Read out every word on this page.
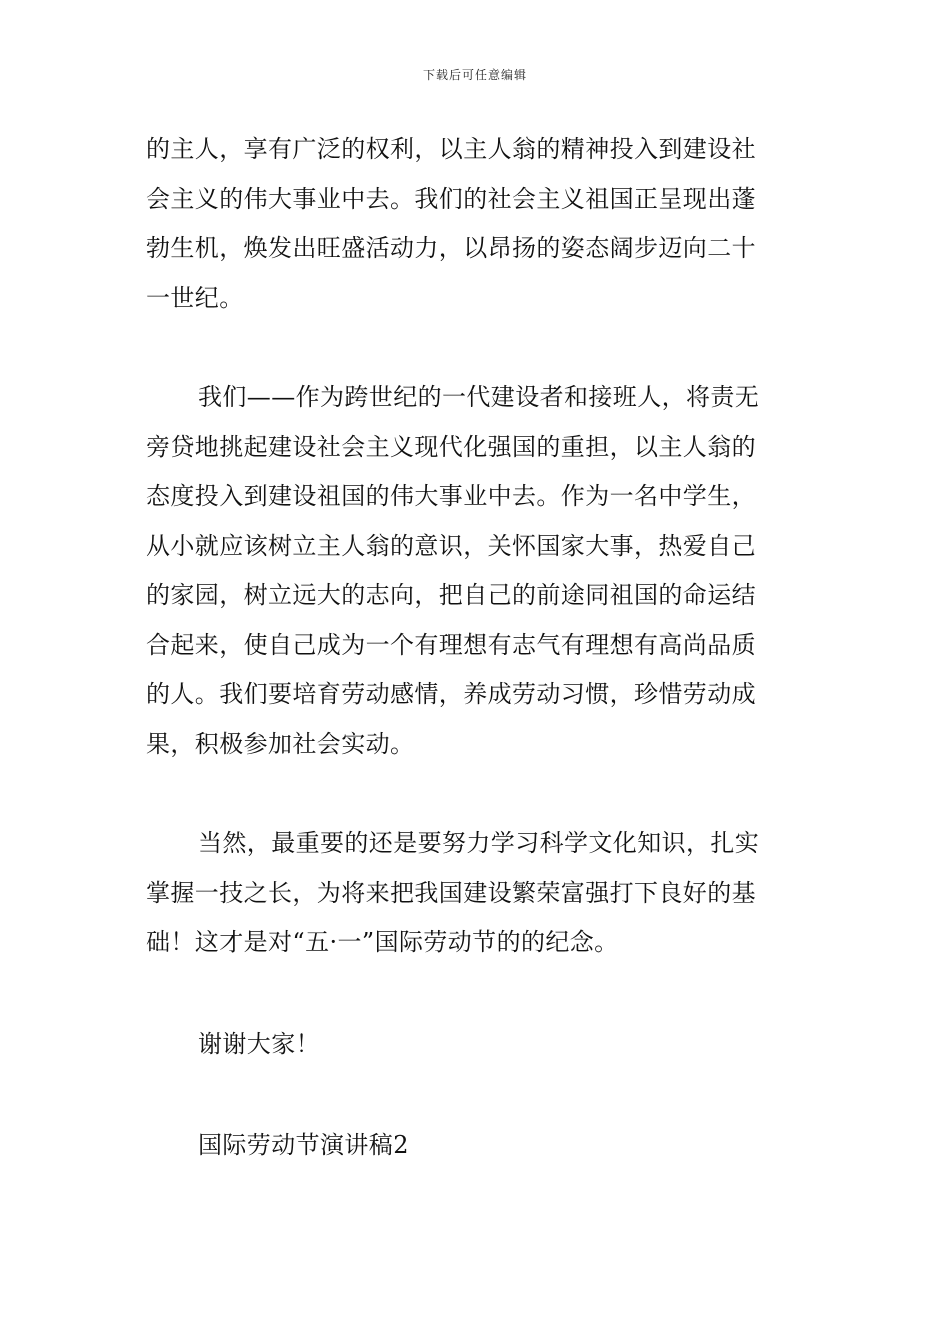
下载后可任意编辑

的主人，享有广泛的权利，以主人翁的精神投入到建设社
会主义的伟大事业中去。我们的社会主义祖国正呈现出蓬
勃生机，焕发出旺盛活动力，以昂扬的姿态阔步迈向二十
一世纪。

我们——作为跨世纪的一代建设者和接班人，将责无
旁贷地挑起建设社会主义现代化强国的重担，以主人翁的
态度投入到建设祖国的伟大事业中去。作为一名中学生，
从小就应该树立主人翁的意识，关怀国家大事，热爱自己
的家园，树立远大的志向，把自己的前途同祖国的命运结
合起来，使自己成为一个有理想有志气有理想有高尚品质
的人。我们要培育劳动感情，养成劳动习惯，珍惜劳动成
果，积极参加社会实动。

当然，最重要的还是要努力学习科学文化知识，扎实
掌握一技之长，为将来把我国建设繁荣富强打下良好的基
础！这才是对“五·一”国际劳动节的的纪念。

谢谢大家！

国际劳动节演讲稿2
